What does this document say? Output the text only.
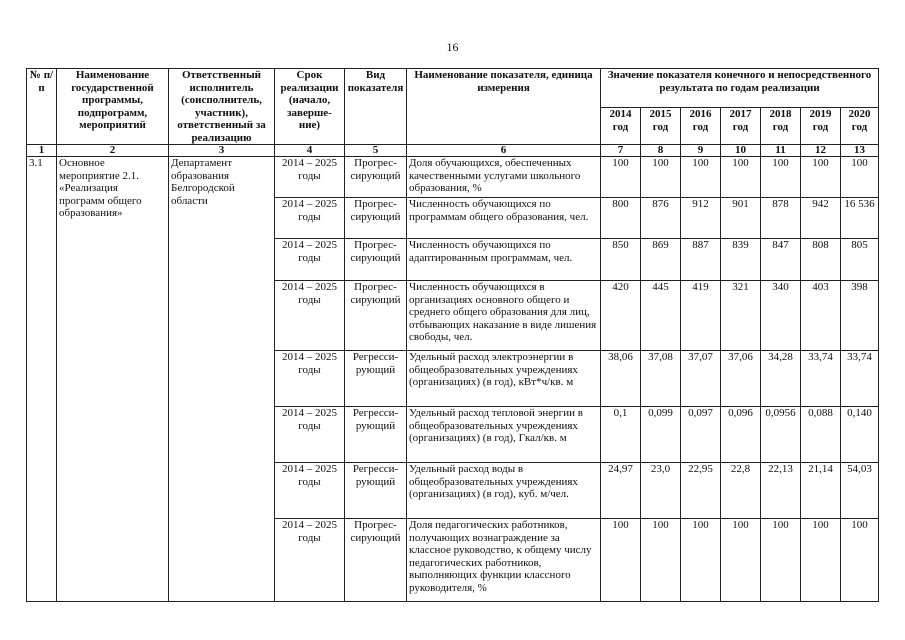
16
№ п/п	Наименование государственной программы, подпрограмм, мероприятий	Ответственный исполнитель (соисполнитель, участник), ответственный за реализацию	Срок реализации (начало, заверше-ние)	Вид показателя	Наименование показателя, единица измерения	Значение показателя конечного и непосредственного результата по годам реализации						
						2014 год	2015 год	2016 год	2017 год	2018 год	2019 год	2020 год
1	2	3	4	5	6	7	8	9	10	11	12	13
3.1	Основное мероприятие 2.1. «Реализация программ общего образования»	Департамент образования Белгородской области	2014 – 2025 годы	Прогрес-сирующий	Доля обучающихся, обеспеченных качественными услугами школьного образования, %	100	100	100	100	100	100	100
			2014 – 2025 годы	Прогрес-сирующий	Численность обучающихся по программам общего образования, чел.	800	876	912	901	878	942	16 536
			2014 – 2025 годы	Прогрес-сирующий	Численность обучающихся по адаптированным программам, чел.	850	869	887	839	847	808	805
			2014 – 2025 годы	Прогрес-сирующий	Численность обучающихся в организациях основного общего и среднего общего образования для лиц, отбывающих наказание в виде лишения свободы, чел.	420	445	419	321	340	403	398
			2014 – 2025 годы	Регресси-рующий	Удельный расход электроэнергии в общеобразовательных учреждениях (организациях) (в год), кВт*ч/кв. м	38,06	37,08	37,07	37,06	34,28	33,74	33,74
			2014 – 2025 годы	Регресси-рующий	Удельный расход тепловой энергии в общеобразовательных учреждениях (организациях) (в год), Гкал/кв. м	0,1	0,099	0,097	0,096	0,0956	0,088	0,140
			2014 – 2025 годы	Регресси-рующий	Удельный расход воды в общеобразовательных учреждениях (организациях) (в год), куб. м/чел.	24,97	23,0	22,95	22,8	22,13	21,14	54,03
			2014 – 2025 годы	Прогрес-сирующий	Доля педагогических работников, получающих вознаграждение за классное руководство, к общему числу педагогических работников, выполняющих функции классного руководителя, %	100	100	100	100	100	100	100
